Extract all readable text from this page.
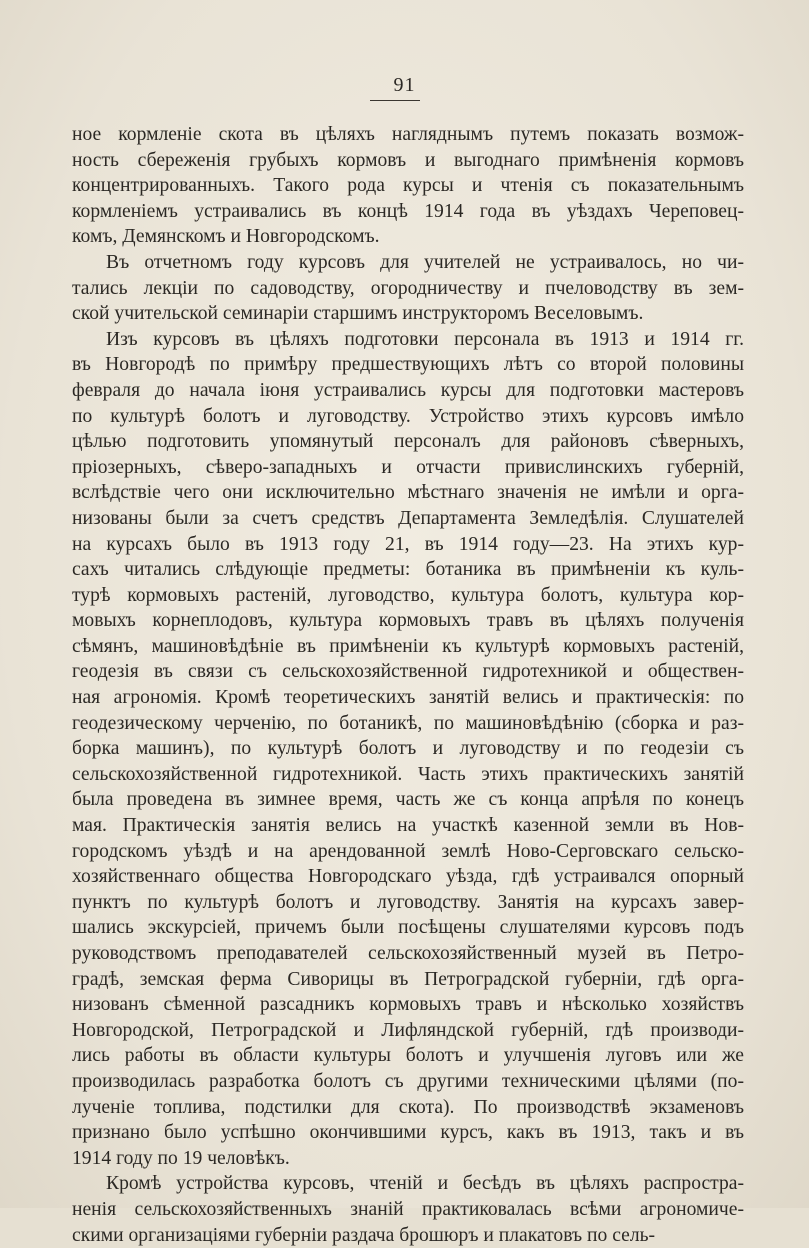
91
ное кормленіе скота въ цѣляхъ нагляднымъ путемъ показать возмож-
ность сбереженія грубыхъ кормовъ и выгоднаго примѣненія кормовъ
концентрированныхъ. Такого рода курсы и чтенія съ показательнымъ
кормленіемъ устраивались въ концѣ 1914 года въ уѣздахъ Череповец-
комъ, Демянскомъ и Новгородскомъ.
Въ отчетномъ году курсовъ для учителей не устраивалось, но чи-
тались лекціи по садоводству, огородничеству и пчеловодству въ зем-
ской учительской семинаріи старшимъ инструкторомъ Веселовымъ.
Изъ курсовъ въ цѣляхъ подготовки персонала въ 1913 и 1914 гг.
въ Новгородѣ по примѣру предшествующихъ лѣтъ со второй половины
февраля до начала іюня устраивались курсы для подготовки мастеровъ
по культурѣ болотъ и луговодству. Устройство этихъ курсовъ имѣло
цѣлью подготовить упомянутый персоналъ для районовъ сѣверныхъ,
пріозерныхъ, сѣверо-западныхъ и отчасти привислинскихъ губерній,
вслѣдствіе чего они исключительно мѣстнаго значенія не имѣли и орга-
низованы были за счетъ средствъ Департамента Земледѣлія. Слушателей
на курсахъ было въ 1913 году 21, въ 1914 году—23. На этихъ кур-
сахъ читались слѣдующіе предметы: ботаника въ примѣненіи къ куль-
турѣ кормовыхъ растеній, луговодство, культура болотъ, культура кор-
мовыхъ корнеплодовъ, культура кормовыхъ травъ въ цѣляхъ полученія
сѣмянъ, машиновѣдѣніе въ примѣненіи къ культурѣ кормовыхъ растеній,
геодезія въ связи съ сельскохозяйственной гидротехникой и обществен-
ная агрономія. Кромѣ теоретическихъ занятій велись и практическія: по
геодезическому черченію, по ботаникѣ, по машиновѣдѣнію (сборка и раз-
борка машинъ), по культурѣ болотъ и луговодству и по геодезіи съ
сельскохозяйственной гидротехникой. Часть этихъ практическихъ занятій
была проведена въ зимнее время, часть же съ конца апрѣля по конецъ
мая. Практическія занятія велись на участкѣ казенной земли въ Нов-
городскомъ уѣздѣ и на арендованной землѣ Ново-Серговскаго сельско-
хозяйственнаго общества Новгородскаго уѣзда, гдѣ устраивался опорный
пунктъ по культурѣ болотъ и луговодству. Занятія на курсахъ завер-
шались экскурсіей, причемъ были посѣщены слушателями курсовъ подъ
руководствомъ преподавателей сельскохозяйственный музей въ Петро-
градѣ, земская ферма Сиворицы въ Петроградской губерніи, гдѣ орга-
низованъ сѣменной разсадникъ кормовыхъ травъ и нѣсколько хозяйствъ
Новгородской, Петроградской и Лифляндской губерній, гдѣ производи-
лись работы въ области культуры болотъ и улучшенія луговъ или же
производилась разработка болотъ съ другими техническими цѣлями (по-
лученіе топлива, подстилки для скота). По производствѣ экзаменовъ
признано было успѣшно окончившими курсъ, какъ въ 1913, такъ и въ
1914 году по 19 человѣкъ.
Кромѣ устройства курсовъ, чтеній и бесѣдъ въ цѣляхъ распростра-
ненія сельскохозяйственныхъ знаній практиковалась всѣми агрономиче-
скими организаціями губерніи раздача брошюръ и плакатовъ по сель-
